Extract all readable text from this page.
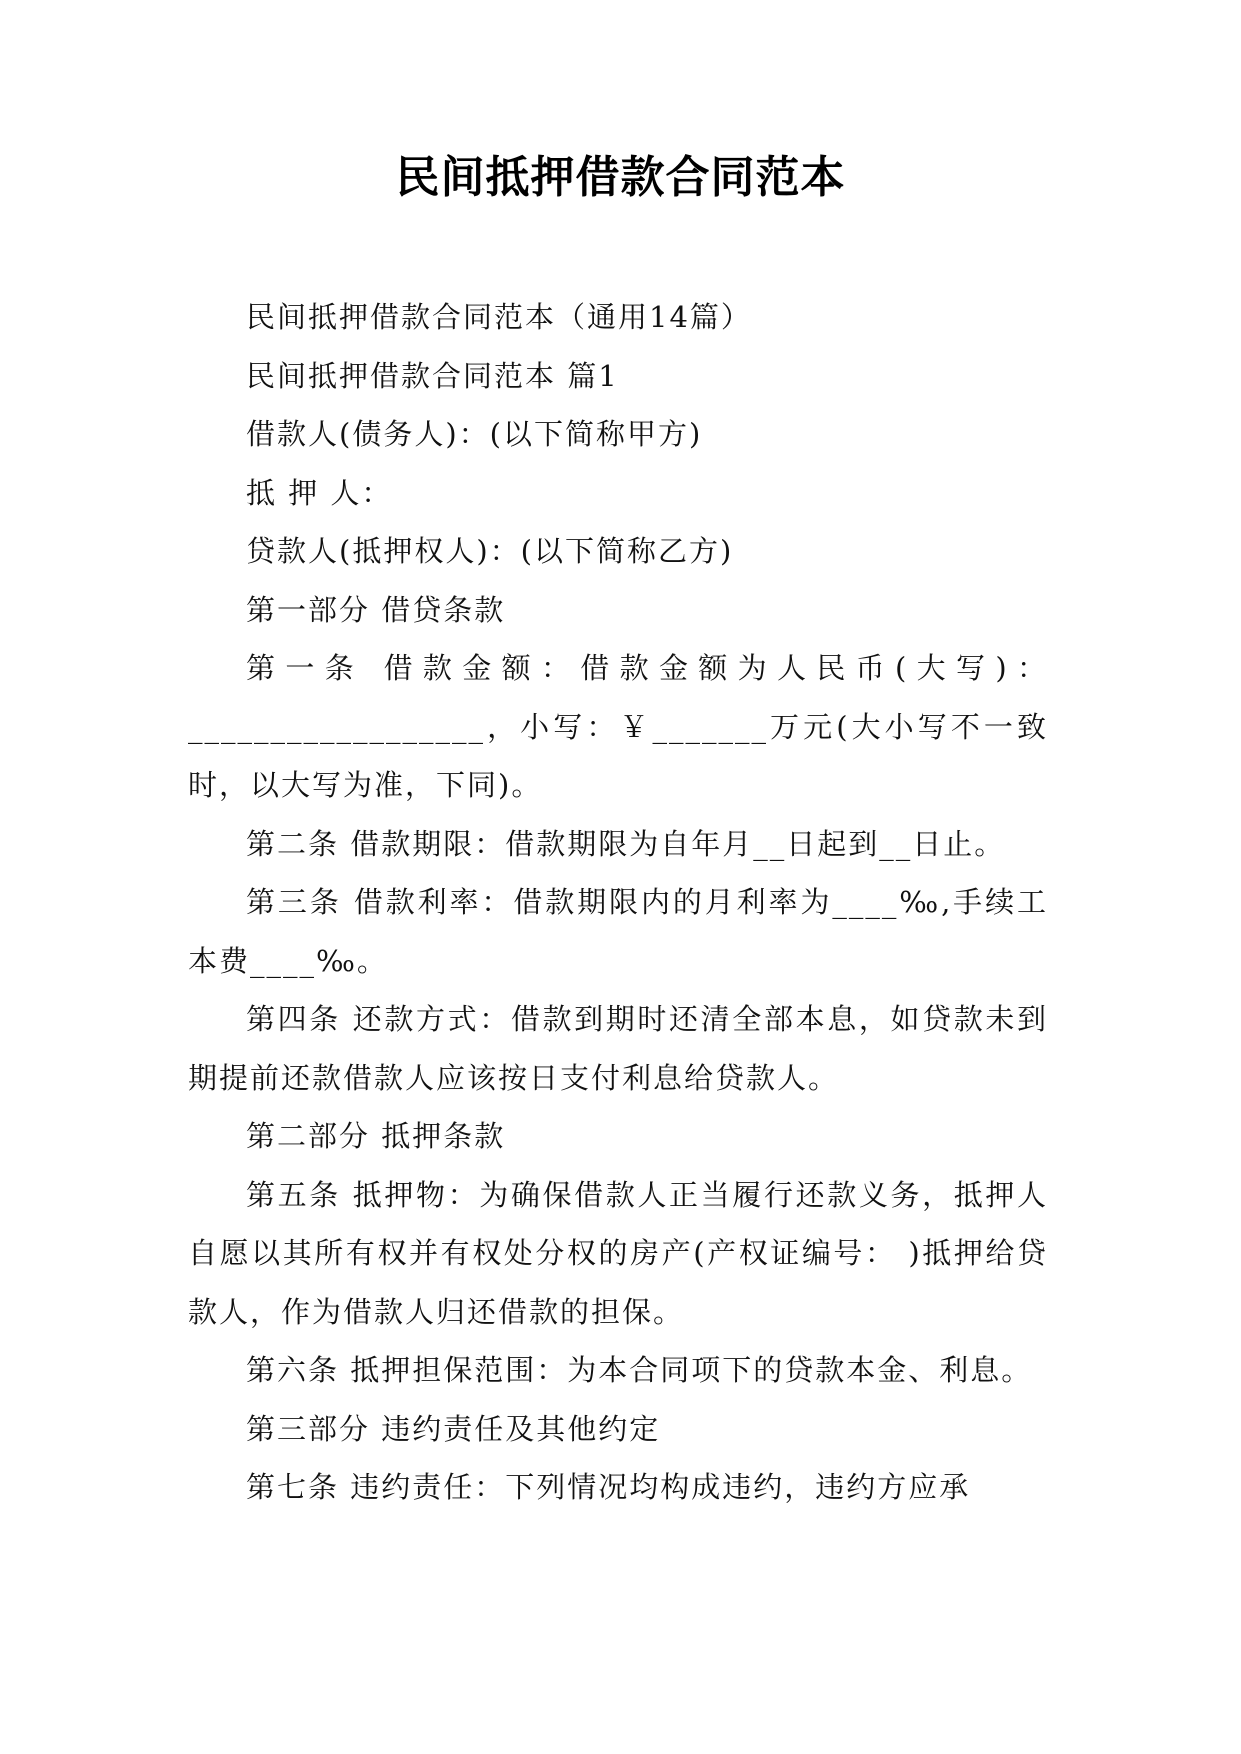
民间抵押借款合同范本

民间抵押借款合同范本（通用14篇）

民间抵押借款合同范本 篇1

借款人(债务人)：(以下简称甲方)

抵 押 人：

贷款人(抵押权人)：(以下简称乙方)

第一部分 借贷条款

第一条 借款金额：借款金额为人民币(大写)：__________________，小写：￥_______万元(大小写不一致时，以大写为准，下同)。

第二条 借款期限：借款期限为自年月__日起到__日止。

第三条 借款利率：借款期限内的月利率为____‰,手续工本费____‰。

第四条 还款方式：借款到期时还清全部本息，如贷款未到期提前还款借款人应该按日支付利息给贷款人。

第二部分 抵押条款

第五条 抵押物：为确保借款人正当履行还款义务，抵押人自愿以其所有权并有权处分权的房产(产权证编号： )抵押给贷款人，作为借款人归还借款的担保。

第六条 抵押担保范围：为本合同项下的贷款本金、利息。

第三部分 违约责任及其他约定

第七条 违约责任：下列情况均构成违约，违约方应承
